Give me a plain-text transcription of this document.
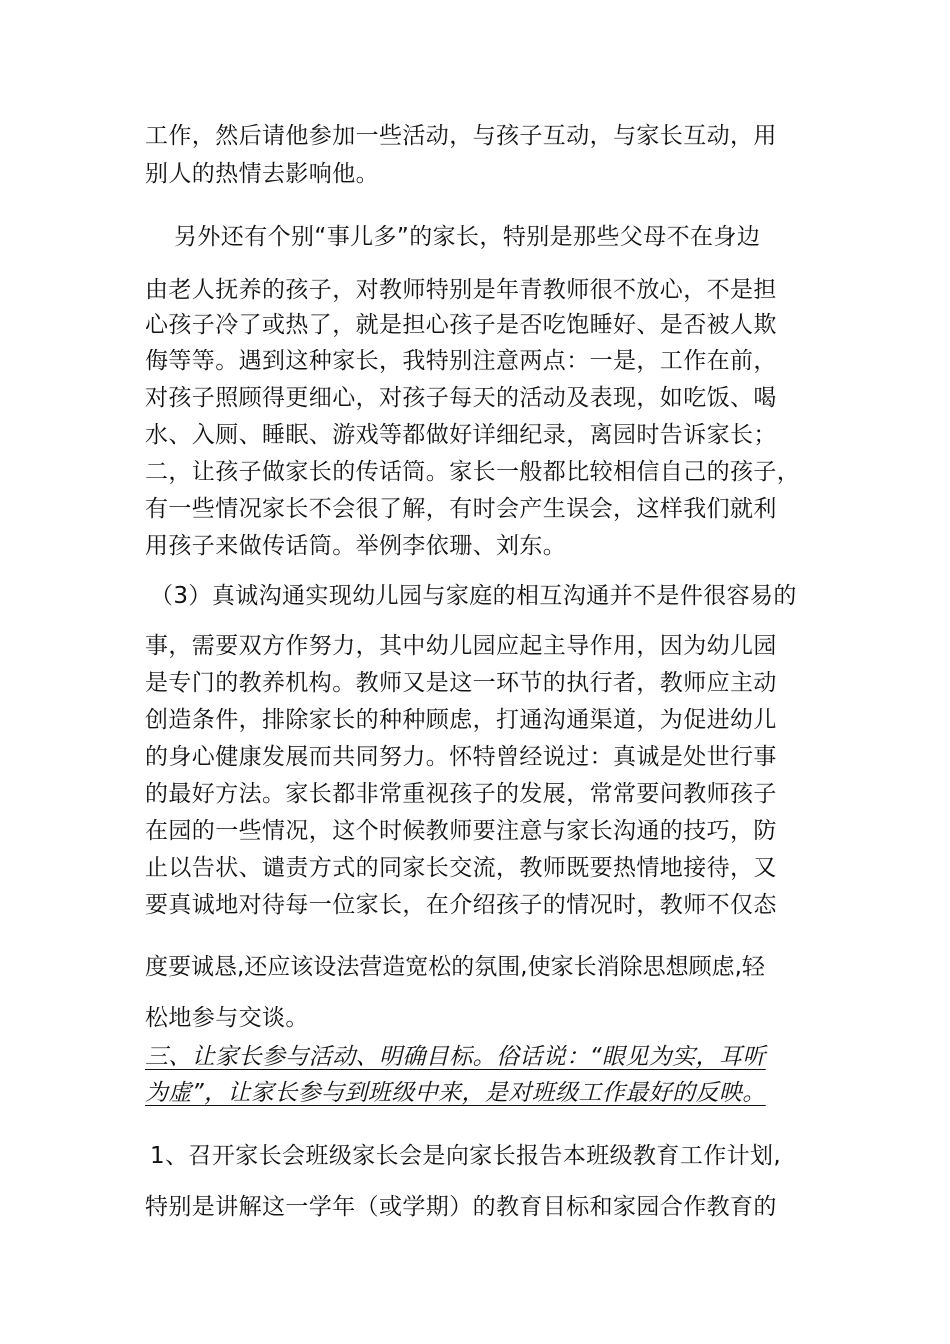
工作，然后请他参加一些活动，与孩子互动，与家长互动，用
别人的热情去影响他。
另外还有个别“事儿多”的家长，特别是那些父母不在身边
由老人抚养的孩子，对教师特别是年青教师很不放心，不是担
心孩子冷了或热了，就是担心孩子是否吃饱睡好、是否被人欺
侮等等。遇到这种家长，我特别注意两点：一是，工作在前，
对孩子照顾得更细心，对孩子每天的活动及表现，如吃饭、喝
水、入厕、睡眠、游戏等都做好详细纪录，离园时告诉家长；
二，让孩子做家长的传话筒。家长一般都比较相信自己的孩子，
有一些情况家长不会很了解，有时会产生误会，这样我们就利
用孩子来做传话筒。举例李依珊、刘东。
（3）真诚沟通实现幼儿园与家庭的相互沟通并不是件很容易的
事，需要双方作努力，其中幼儿园应起主导作用，因为幼儿园
是专门的教养机构。教师又是这一环节的执行者，教师应主动
创造条件，排除家长的种种顾虑，打通沟通渠道，为促进幼儿
的身心健康发展而共同努力。怀特曾经说过：真诚是处世行事
的最好方法。家长都非常重视孩子的发展，常常要问教师孩子
在园的一些情况，这个时候教师要注意与家长沟通的技巧，防
止以告状、谴责方式的同家长交流，教师既要热情地接待，又
要真诚地对待每一位家长，在介绍孩子的情况时，教师不仅态
度要诚恳,还应该设法营造宽松的氛围,使家长消除思想顾虑,轻
松地参与交谈。
三、让家长参与活动、明确目标。俗话说：“眼见为实，耳听
为虚”，让家长参与到班级中来，是对班级工作最好的反映。
1、召开家长会班级家长会是向家长报告本班级教育工作计划,
特别是讲解这一学年（或学期）的教育目标和家园合作教育的
